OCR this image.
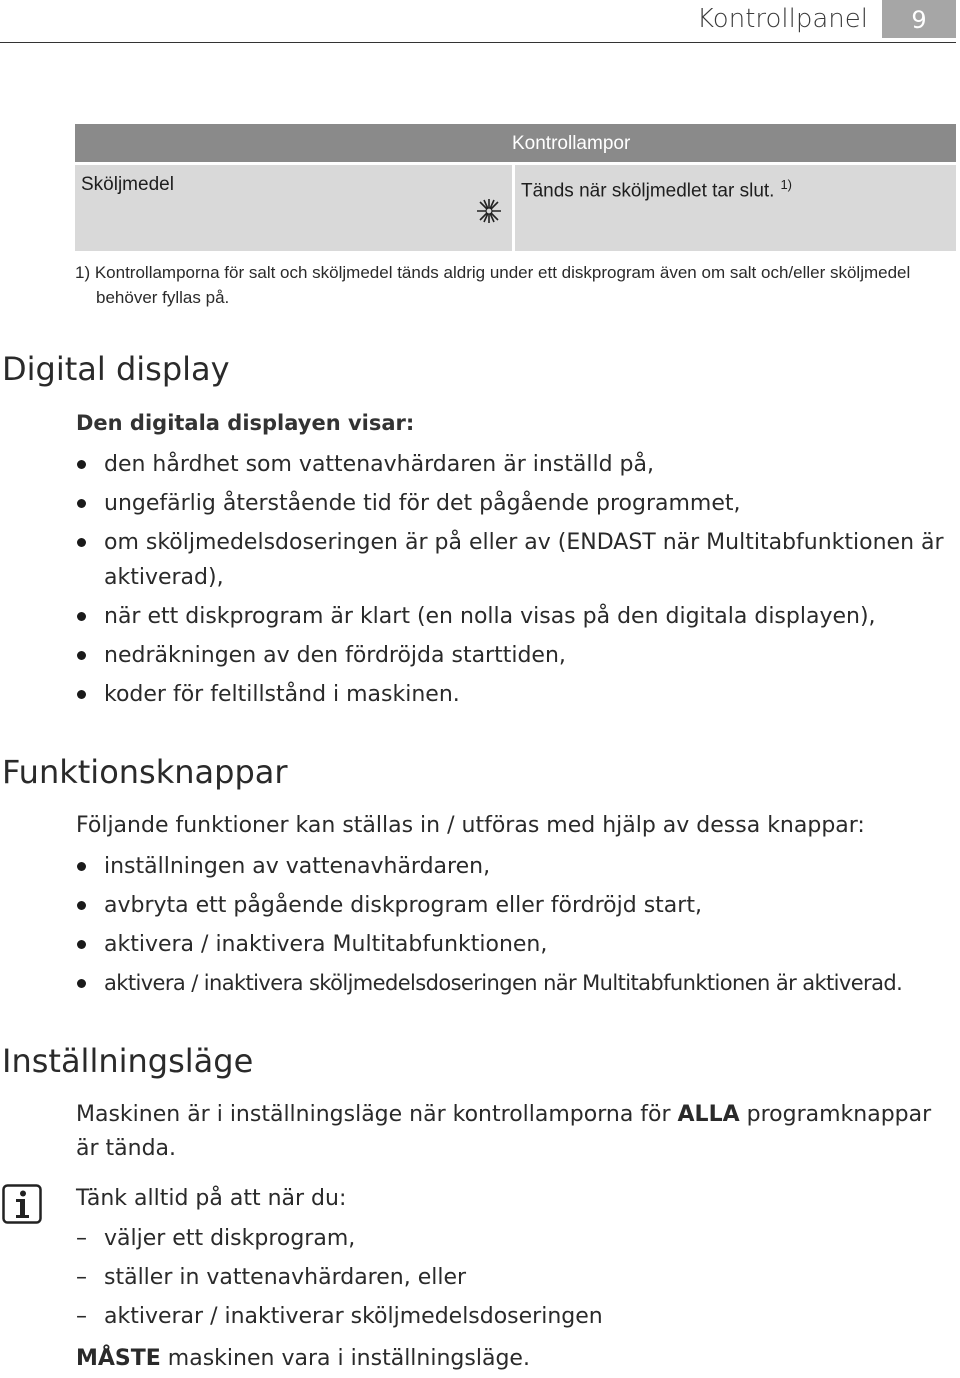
Kontrollpanel	9
Kontrollampor
Sköljmedel	Tänds när sköljmedlet tar slut. $^{1)}$
1) Kontrollamporna för salt och sköljmedel tänds aldrig under ett diskprogram även om salt och/eller sköljmedel
behöver fyllas på.
Digital display

Den digitala displayen visar:

den hårdhet som vattenavhärdaren är inställd på,
ungefärlig återstående tid för det pågående programmet,
om sköljmedelsdoseringen är på eller av (ENDAST när Multitabfunktionen är aktiverad),
när ett diskprogram är klart (en nolla visas på den digitala displayen),
nedräkningen av den fördröjda starttiden,
koder för feltillstånd i maskinen.
Funktionsknappar

Följande funktioner kan ställas in / utföras med hjälp av dessa knappar:

inställningen av vattenavhärdaren,
avbryta ett pågående diskprogram eller fördröjd start,
aktivera / inaktivera Multitabfunktionen,
aktivera / inaktivera sköljmedelsdoseringen när Multitabfunktionen är aktiverad.
Inställningsläge

Maskinen är i inställningsläge när kontrollamporna för ALLA programknappar är tända.

Tänk alltid på att när du:

– väljer ett diskprogram,
– ställer in vattenavhärdaren, eller
– aktiverar / inaktiverar sköljmedelsdoseringen

MÅSTE maskinen vara i inställningsläge.
